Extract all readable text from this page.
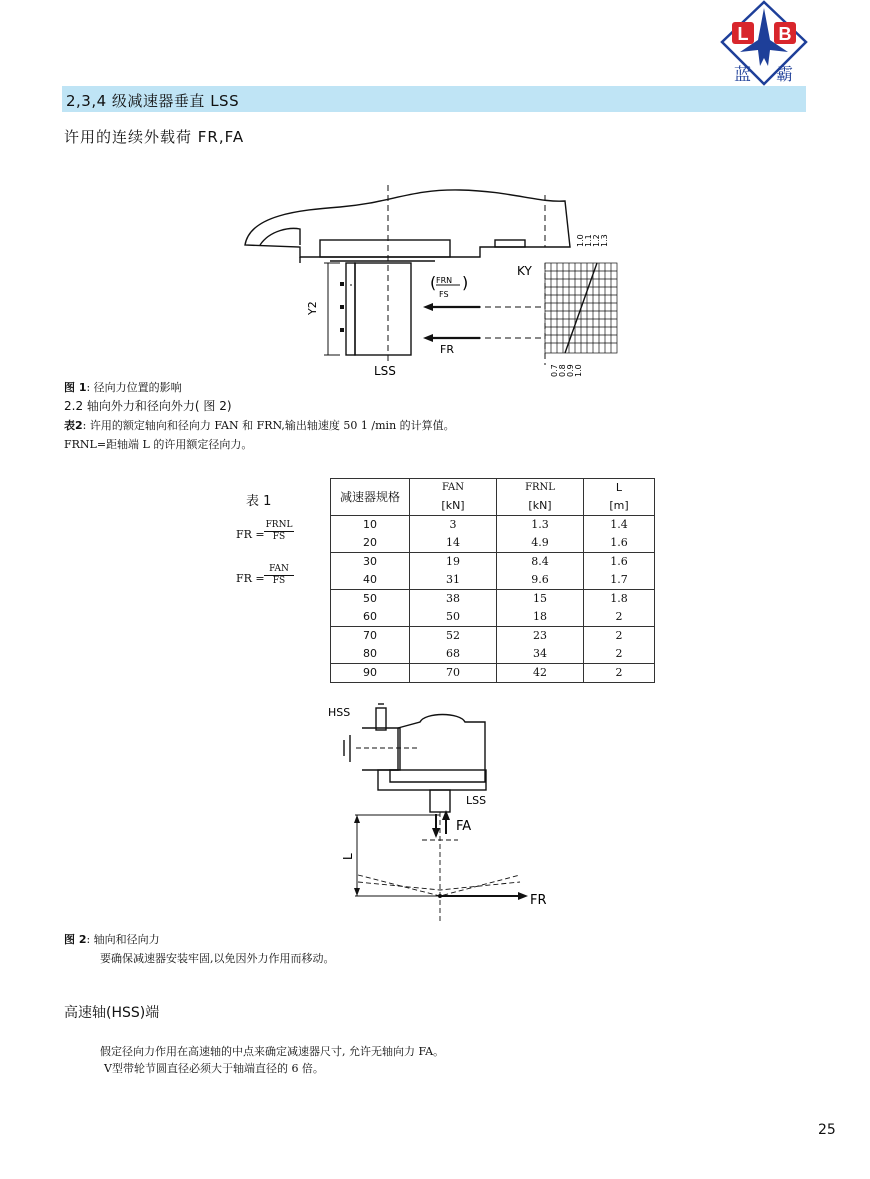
L B
蓝 霸
2,3,4 级减速器垂直 LSS
许用的连续外载荷 FR,FA
Y2
( )
FRN
FS
FR
LSS
KY
1.0 1.1 1.2 1.3
0.7 0.8 0.9 1.0
图 1: 径向力位置的影响
2.2 轴向外力和径向外力( 图 2)
表2: 许用的额定轴向和径向力 FAN 和 FRN,输出轴速度 50 1 /min 的计算值。
FRNL=距轴端 L 的许用额定径向力。
表 1
FR =
FRNL
FS
FR =
FAN
FS
减速器规格	FAN	FRNL	L
	[kN]	[kN]	[m]
10	3	1.3	1.4
20	14	4.9	1.6
30	19	8.4	1.6
40	31	9.6	1.7
50	38	15	1.8
60	50	18	2
70	52	23	2
80	68	34	2
90	70	42	2
L
HSS
LSS
FA
FR
图 2: 轴向和径向力
要确保减速器安装牢固,以免因外力作用而移动。
高速轴(HSS)端
假定径向力作用在高速轴的中点来确定减速器尺寸, 允许无轴向力 FA。
V型带轮节圆直径必须大于轴端直径的 6 倍。
25
